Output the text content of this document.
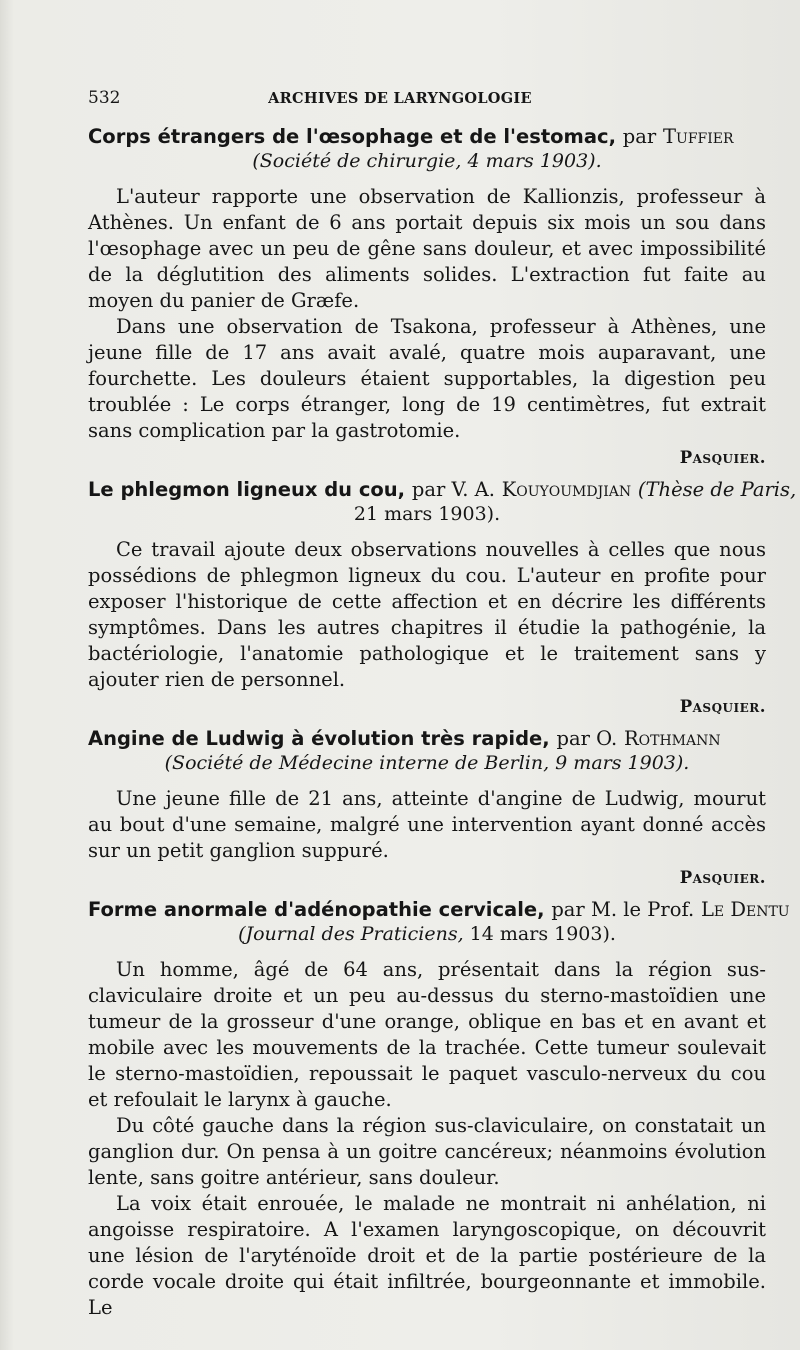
532	ARCHIVES DE LARYNGOLOGIE
Corps étrangers de l'œsophage et de l'estomac, par Tuffier
(Société de chirurgie, 4 mars 1903).

L'auteur rapporte une observation de Kallionzis, professeur à Athènes. Un enfant de 6 ans portait depuis six mois un sou dans l'œsophage avec un peu de gêne sans douleur, et avec impossibilité de la déglutition des aliments solides. L'extraction fut faite au moyen du panier de Græfe.

Dans une observation de Tsakona, professeur à Athènes, une jeune fille de 17 ans avait avalé, quatre mois auparavant, une fourchette. Les douleurs étaient supportables, la digestion peu troublée : Le corps étranger, long de 19 centimètres, fut extrait sans complication par la gastrotomie.

Pasquier.
Le phlegmon ligneux du cou, par V. A. Kouyoumdjian (Thèse de Paris,
21 mars 1903).

Ce travail ajoute deux observations nouvelles à celles que nous possédions de phlegmon ligneux du cou. L'auteur en profite pour exposer l'historique de cette affection et en décrire les différents symptômes. Dans les autres chapitres il étudie la pathogénie, la bactériologie, l'anatomie pathologique et le traitement sans y ajouter rien de personnel.

Pasquier.
Angine de Ludwig à évolution très rapide, par O. Rothmann
(Société de Médecine interne de Berlin, 9 mars 1903).

Une jeune fille de 21 ans, atteinte d'angine de Ludwig, mourut au bout d'une semaine, malgré une intervention ayant donné accès sur un petit ganglion suppuré.

Pasquier.
Forme anormale d'adénopathie cervicale, par M. le Prof. Le Dentu
(Journal des Praticiens, 14 mars 1903).

Un homme, âgé de 64 ans, présentait dans la région sus-claviculaire droite et un peu au-dessus du sterno-mastoïdien une tumeur de la grosseur d'une orange, oblique en bas et en avant et mobile avec les mouvements de la trachée. Cette tumeur soulevait le sterno-mastoïdien, repoussait le paquet vasculo-nerveux du cou et refoulait le larynx à gauche.

Du côté gauche dans la région sus-claviculaire, on constatait un ganglion dur. On pensa à un goitre cancéreux; néanmoins évolution lente, sans goitre antérieur, sans douleur.

La voix était enrouée, le malade ne montrait ni anhélation, ni angoisse respiratoire. A l'examen laryngoscopique, on découvrit une lésion de l'aryténoïde droit et de la partie postérieure de la corde vocale droite qui était infiltrée, bourgeonnante et immobile. Le
